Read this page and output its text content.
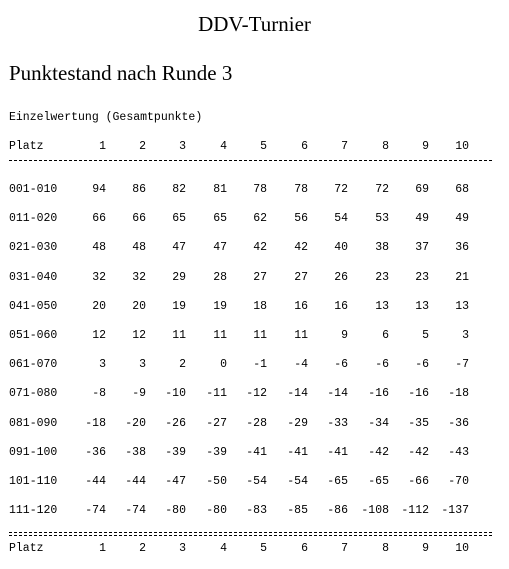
DDV-Turnier
Punktestand nach Runde 3
Einzelwertung (Gesamtpunkte)
Platz	1	2	3	4	5	6	7	8	9	10
001-010	94	86	82	81	78	78	72	72	69	68
011-020	66	66	65	65	62	56	54	53	49	49
021-030	48	48	47	47	42	42	40	38	37	36
031-040	32	32	29	28	27	27	26	23	23	21
041-050	20	20	19	19	18	16	16	13	13	13
051-060	12	12	11	11	11	11	9	6	5	3
061-070	3	3	2	0	-1	-4	-6	-6	-6	-7
071-080	-8	-9	-10	-11	-12	-14	-14	-16	-16	-18
081-090	-18	-20	-26	-27	-28	-29	-33	-34	-35	-36
091-100	-36	-38	-39	-39	-41	-41	-41	-42	-42	-43
101-110	-44	-44	-47	-50	-54	-54	-65	-65	-66	-70
111-120	-74	-74	-80	-80	-83	-85	-86	-108	-112	-137
Platz	1	2	3	4	5	6	7	8	9	10
